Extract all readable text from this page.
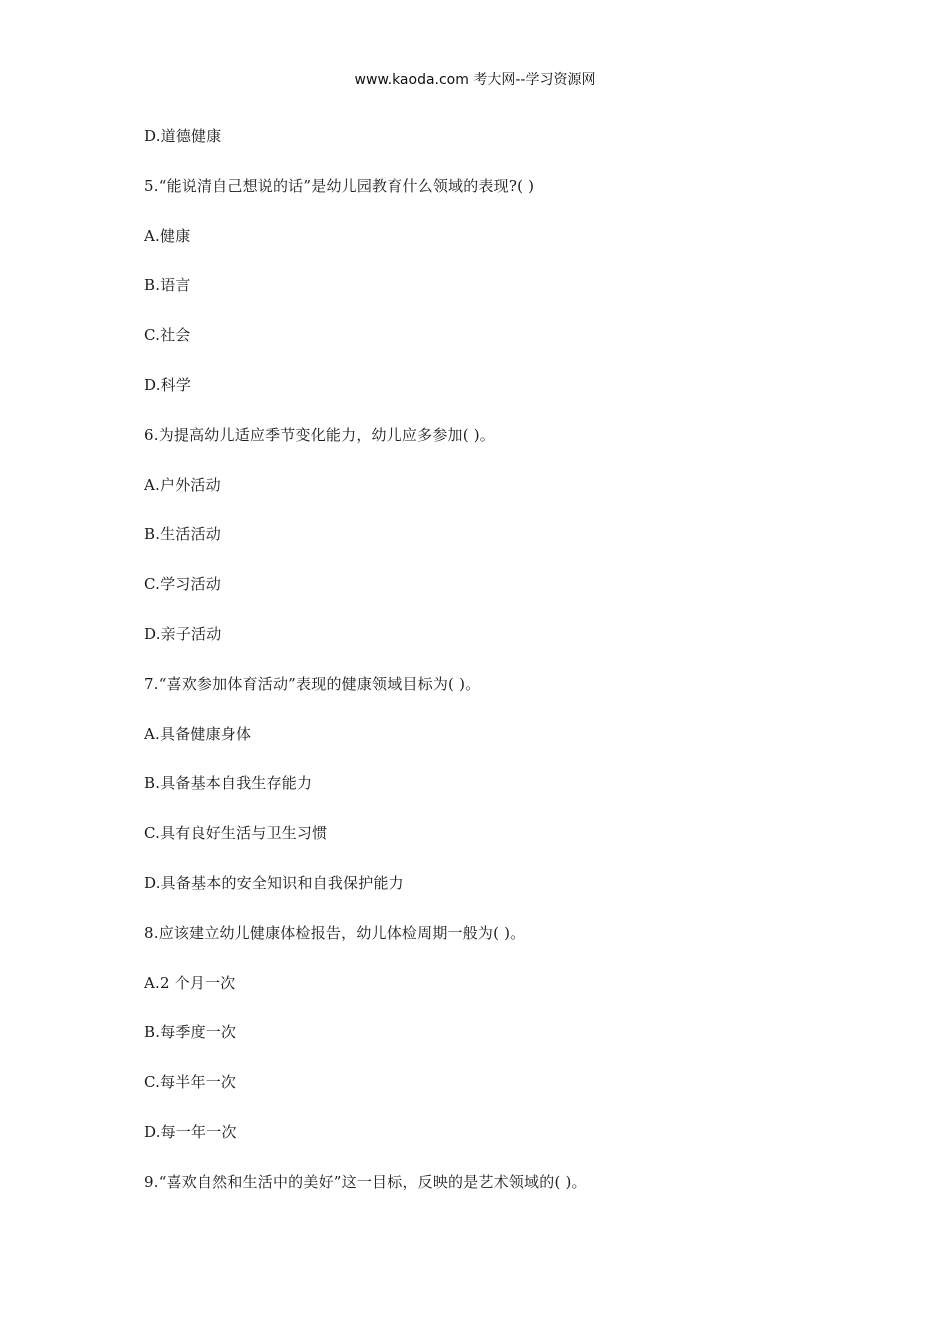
www.kaoda.com 考大网--学习资源网
D.道德健康
5.“能说清自己想说的话”是幼儿园教育什么领域的表现?( )
A.健康
B.语言
C.社会
D.科学
6.为提高幼儿适应季节变化能力，幼儿应多参加( )。
A.户外活动
B.生活活动
C.学习活动
D.亲子活动
7.“喜欢参加体育活动”表现的健康领域目标为( )。
A.具备健康身体
B.具备基本自我生存能力
C.具有良好生活与卫生习惯
D.具备基本的安全知识和自我保护能力
8.应该建立幼儿健康体检报告，幼儿体检周期一般为( )。
A.2 个月一次
B.每季度一次
C.每半年一次
D.每一年一次
9.“喜欢自然和生活中的美好”这一目标，反映的是艺术领域的( )。
